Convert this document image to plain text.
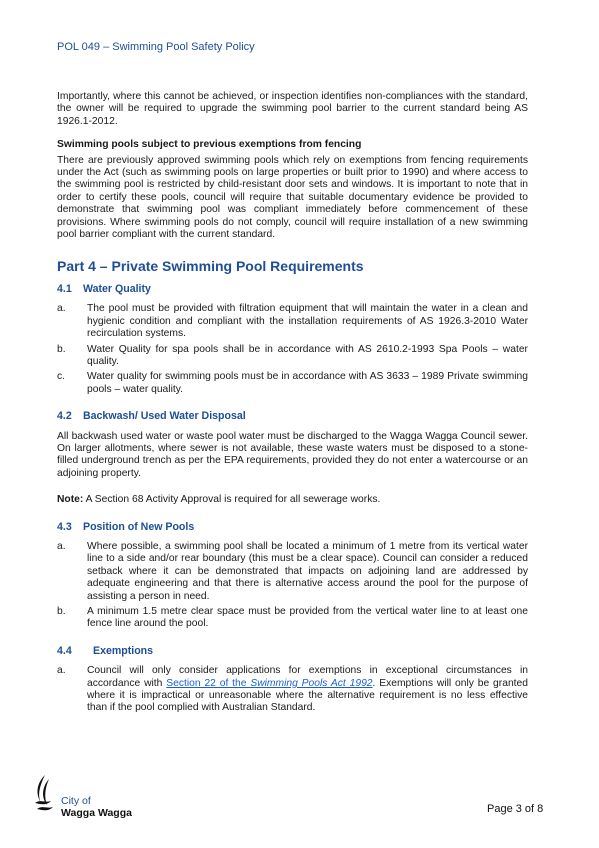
POL 049 – Swimming Pool Safety Policy

Importantly, where this cannot be achieved, or inspection identifies non-compliances with the standard, the owner will be required to upgrade the swimming pool barrier to the current standard being AS 1926.1-2012.

Swimming pools subject to previous exemptions from fencing

There are previously approved swimming pools which rely on exemptions from fencing requirements under the Act (such as swimming pools on large properties or built prior to 1990) and where access to the swimming pool is restricted by child-resistant door sets and windows. It is important to note that in order to certify these pools, council will require that suitable documentary evidence be provided to demonstrate that swimming pool was compliant immediately before commencement of these provisions. Where swimming pools do not comply, council will require installation of a new swimming pool barrier compliant with the current standard.

Part 4 – Private Swimming Pool Requirements
4.1 Water Quality
a.	The pool must be provided with filtration equipment that will maintain the water in a clean and hygienic condition and compliant with the installation requirements of AS 1926.3-2010 Water recirculation systems.
b.	Water Quality for spa pools shall be in accordance with AS 2610.2-1993 Spa Pools – water quality.
c.	Water quality for swimming pools must be in accordance with AS 3633 – 1989 Private swimming pools – water quality.
4.2 Backwash/ Used Water Disposal

All backwash used water or waste pool water must be discharged to the Wagga Wagga Council sewer. On larger allotments, where sewer is not available, these waste waters must be disposed to a stone-filled underground trench as per the EPA requirements, provided they do not enter a watercourse or an adjoining property.

Note: A Section 68 Activity Approval is required for all sewerage works.

4.3 Position of New Pools
a.	Where possible, a swimming pool shall be located a minimum of 1 metre from its vertical water line to a side and/or rear boundary (this must be a clear space). Council can consider a reduced setback where it can be demonstrated that impacts on adjoining land are addressed by adequate engineering and that there is alternative access around the pool for the purpose of assisting a person in need.
b.	A minimum 1.5 metre clear space must be provided from the vertical water line to at least one fence line around the pool.
4.4 Exemptions
a.	Council will only consider applications for exemptions in exceptional circumstances in accordance with Section 22 of the Swimming Pools Act 1992. Exemptions will only be granted where it is impractical or unreasonable where the alternative requirement is no less effective than if the pool complied with Australian Standard.
City of
Wagga Wagga	Page 3 of 8
